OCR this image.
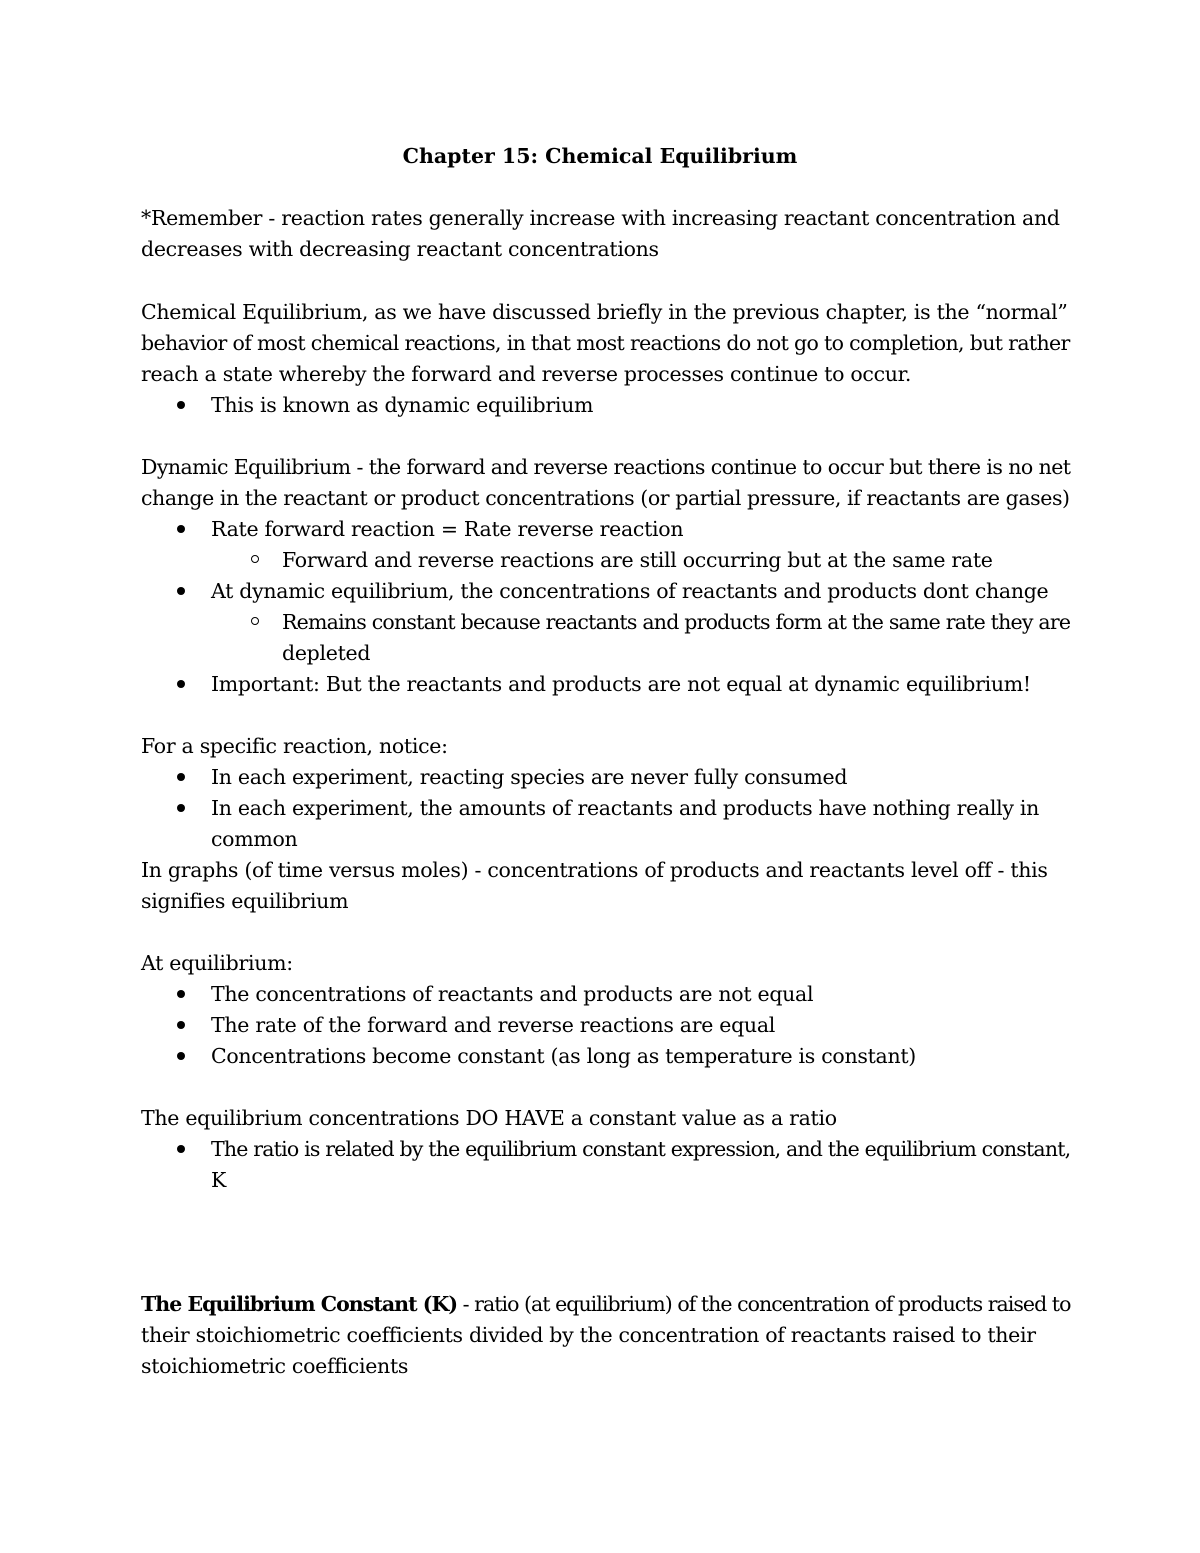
Chapter 15: Chemical Equilibrium
*Remember - reaction rates generally increase with increasing reactant concentration and
decreases with decreasing reactant concentrations
Chemical Equilibrium, as we have discussed briefly in the previous chapter, is the “normal”
behavior of most chemical reactions, in that most reactions do not go to completion, but rather
reach a state whereby the forward and reverse processes continue to occur.
This is known as dynamic equilibrium
Dynamic Equilibrium - the forward and reverse reactions continue to occur but there is no net
change in the reactant or product concentrations (or partial pressure, if reactants are gases)
Rate forward reaction = Rate reverse reaction
Forward and reverse reactions are still occurring but at the same rate
At dynamic equilibrium, the concentrations of reactants and products dont change
Remains constant because reactants and products form at the same rate they are
depleted
Important: But the reactants and products are not equal at dynamic equilibrium!
For a specific reaction, notice:
In each experiment, reacting species are never fully consumed
In each experiment, the amounts of reactants and products have nothing really in
common
In graphs (of time versus moles) - concentrations of products and reactants level off - this
signifies equilibrium
At equilibrium:
The concentrations of reactants and products are not equal
The rate of the forward and reverse reactions are equal
Concentrations become constant (as long as temperature is constant)
The equilibrium concentrations DO HAVE a constant value as a ratio
The ratio is related by the equilibrium constant expression, and the equilibrium constant,
K
The Equilibrium Constant (K) - ratio (at equilibrium) of the concentration of products raised to
their stoichiometric coefficients divided by the concentration of reactants raised to their
stoichiometric coefficients
